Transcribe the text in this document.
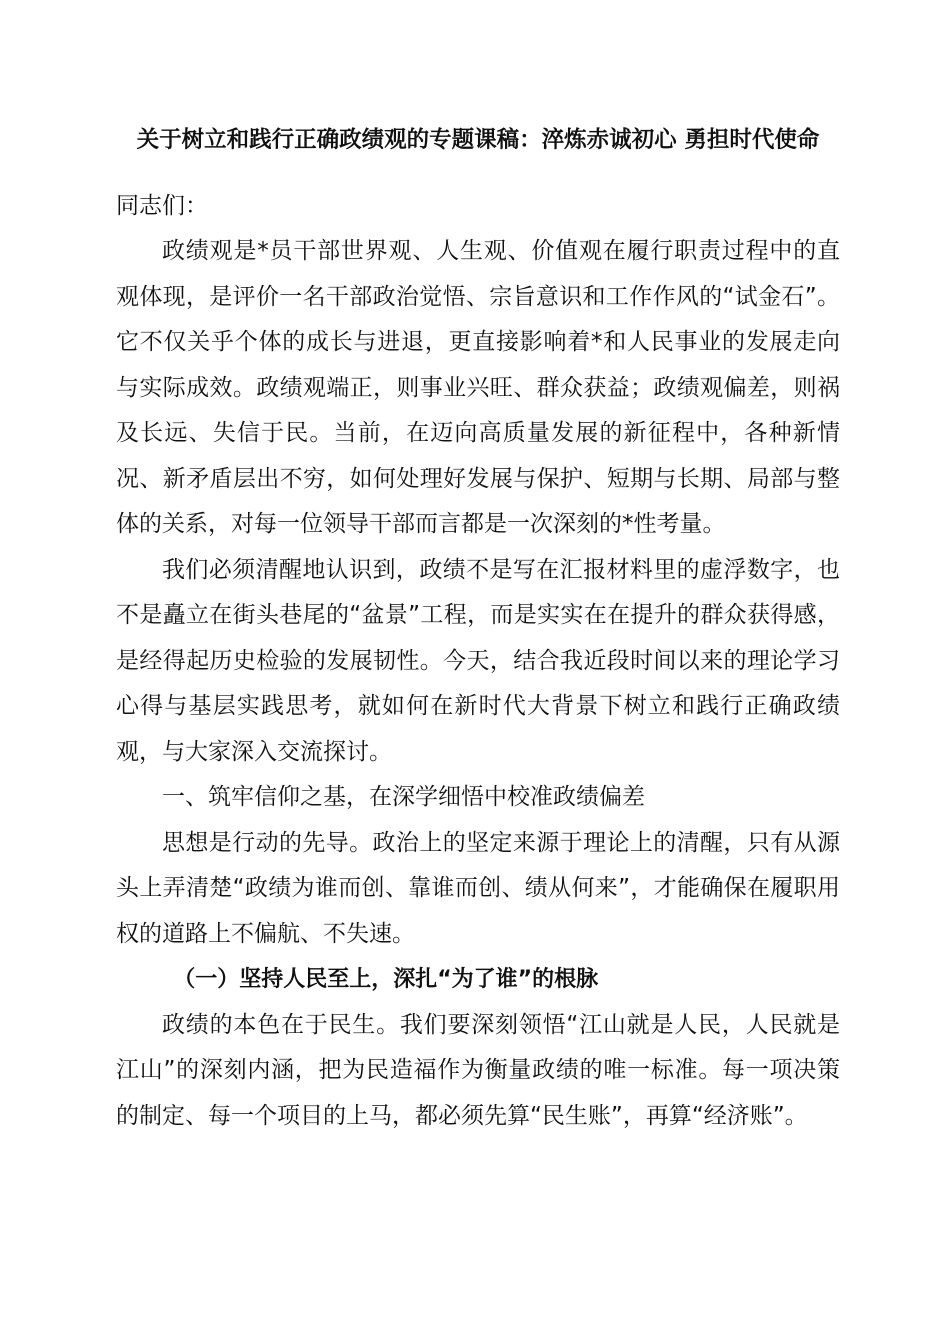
关于树立和践行正确政绩观的专题课稿：淬炼赤诚初心 勇担时代使命

同志们：

政绩观是*员干部世界观、人生观、价值观在履行职责过程中的直观体现，是评价一名干部政治觉悟、宗旨意识和工作作风的“试金石”。它不仅关乎个体的成长与进退，更直接影响着*和人民事业的发展走向与实际成效。政绩观端正，则事业兴旺、群众获益；政绩观偏差，则祸及长远、失信于民。当前，在迈向高质量发展的新征程中，各种新情况、新矛盾层出不穷，如何处理好发展与保护、短期与长期、局部与整体的关系，对每一位领导干部而言都是一次深刻的*性考量。

我们必须清醒地认识到，政绩不是写在汇报材料里的虚浮数字，也不是矗立在街头巷尾的“盆景”工程，而是实实在在提升的群众获得感，是经得起历史检验的发展韧性。今天，结合我近段时间以来的理论学习心得与基层实践思考，就如何在新时代大背景下树立和践行正确政绩观，与大家深入交流探讨。

一、筑牢信仰之基，在深学细悟中校准政绩偏差

思想是行动的先导。政治上的坚定来源于理论上的清醒，只有从源头上弄清楚“政绩为谁而创、靠谁而创、绩从何来”，才能确保在履职用权的道路上不偏航、不失速。

（一）坚持人民至上，深扎“为了谁”的根脉

政绩的本色在于民生。我们要深刻领悟“江山就是人民，人民就是江山”的深刻内涵，把为民造福作为衡量政绩的唯一标准。每一项决策的制定、每一个项目的上马，都必须先算“民生账”，再算“经济账”。
